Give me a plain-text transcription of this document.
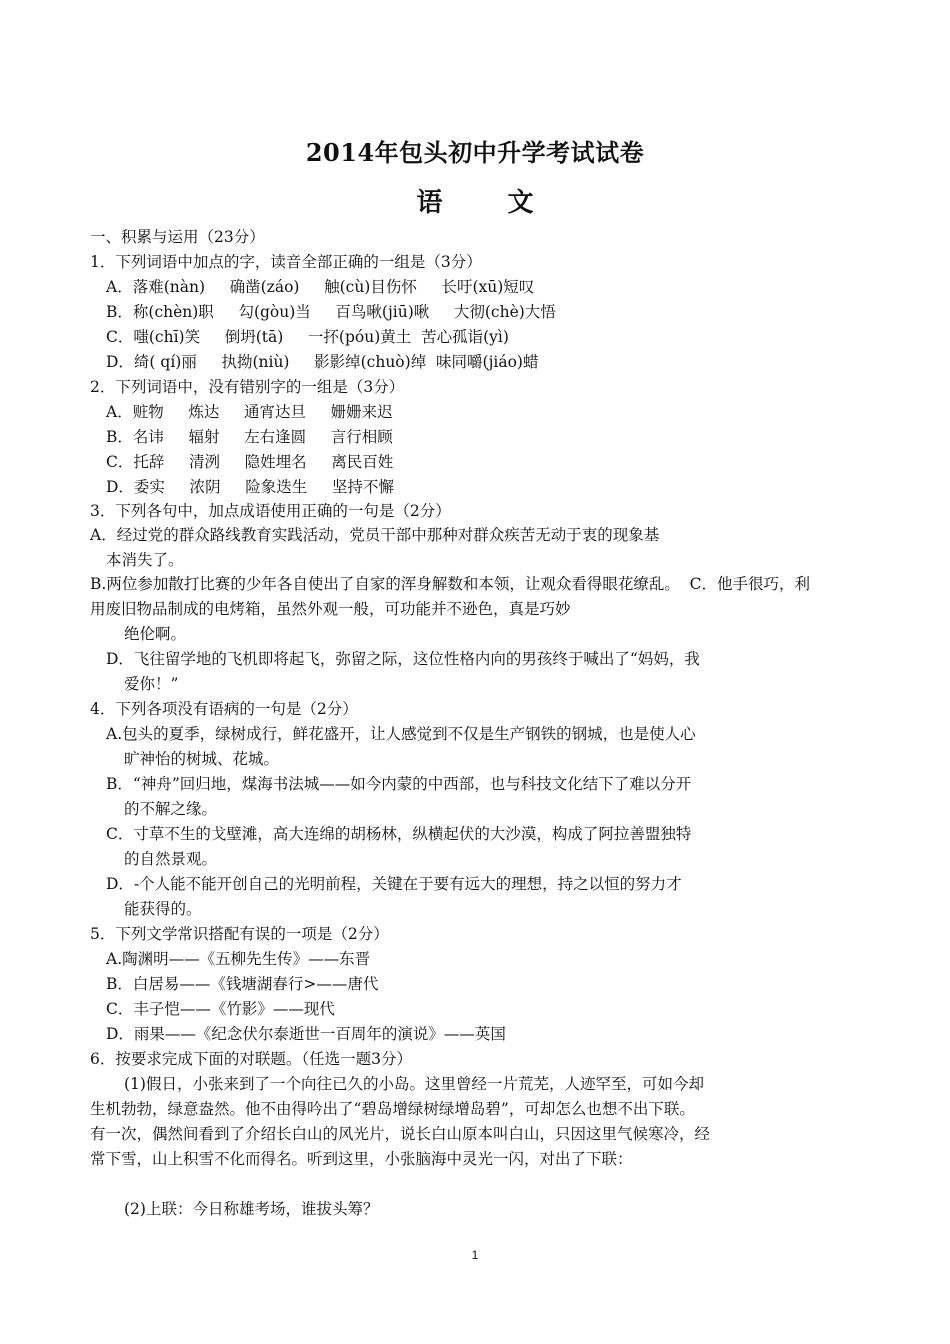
2014年包头初中升学考试试卷
语 文
一、积累与运用（23分）
1．下列词语中加点的字，读音全部正确的一组是（3分）
A．落难(nàn)     确凿(záo)     触(cù)目伤怀     长吁(xū)短叹
B．称(chèn)职     勾(gòu)当     百鸟啾(jiū)啾     大彻(chè)大悟
C．嗤(chī)笑     倒坍(tā)     一抔(póu)黄土  苦心孤诣(yì)
D．绮( qí)丽     执拗(niù)     影影绰(chuò)绰  味同嚼(jiáo)蜡
2．下列词语中，没有错别字的一组是（3分）
A．赃物     炼达     通宵达旦     姗姗来迟
B．名讳     辐射     左右逢圆     言行相顾
C．托辞     清洌     隐姓埋名     离民百姓
D．委实     浓阴     险象迭生     坚持不懈
3．下列各句中，加点成语使用正确的一句是（2分）
A．经过党的群众路线教育实践活动，党员干部中那种对群众疾苦无动于衷的现象基
本消失了。
B.两位参加散打比赛的少年各自使出了自家的浑身解数和本领，让观众看得眼花缭乱。  C．他手很巧，利
用废旧物品制成的电烤箱，虽然外观一般，可功能并不逊色，真是巧妙
绝伦啊。
D．飞往留学地的飞机即将起飞，弥留之际，这位性格内向的男孩终于喊出了“妈妈，我
爱你！”
4．下列各项没有语病的一句是（2分）
A.包头的夏季，绿树成行，鲜花盛开，让人感觉到不仅是生产钢铁的钢城，也是使人心
旷神怡的树城、花城。
B．“神舟”回归地，煤海书法城——如今内蒙的中西部，也与科技文化结下了难以分开
的不解之缘。
C．寸草不生的戈壁滩，高大连绵的胡杨林，纵横起伏的大沙漠，构成了阿拉善盟独特
的自然景观。
D．-个人能不能开创自己的光明前程，关键在于要有远大的理想，持之以恒的努力才
能获得的。
5．下列文学常识搭配有误的一项是（2分）
A.陶渊明——《五柳先生传》——东晋
B．白居易——《钱塘湖春行>——唐代
C．丰子恺——《竹影》——现代
D．雨果——《纪念伏尔泰逝世一百周年的演说》——英国
6．按要求完成下面的对联题。（任选一题3分）
(1)假日，小张来到了一个向往已久的小岛。这里曾经一片荒芜，人迹罕至，可如今却
生机勃勃，绿意盎然。他不由得吟出了“碧岛增绿树绿增岛碧”，可却怎么也想不出下联。
有一次，偶然间看到了介绍长白山的风光片，说长白山原本叫白山，只因这里气候寒冷，经
常下雪，山上积雪不化而得名。听到这里，小张脑海中灵光一闪，对出了下联：
(2)上联：今日称雄考场，谁拔头筹？
1
